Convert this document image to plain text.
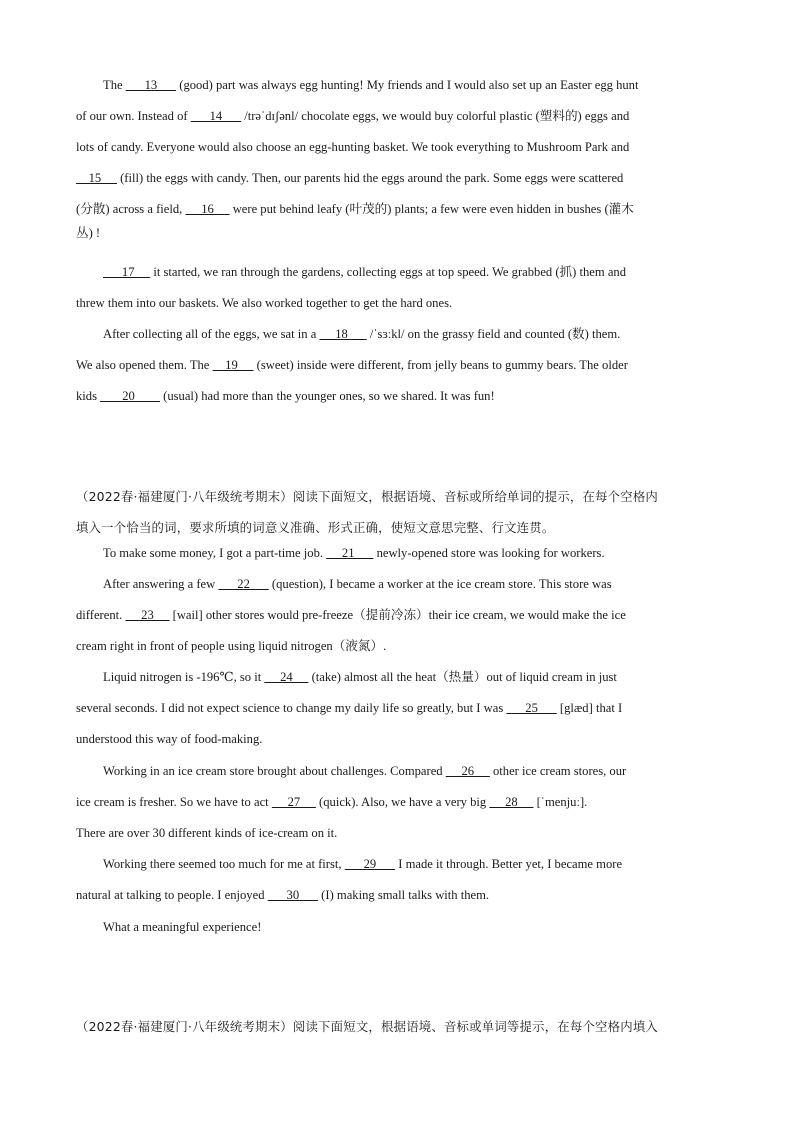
The       13       (good) part was always egg hunting! My friends and I would also set up an Easter egg hunt
of our own. Instead of       14       /trəˈdɪʃənl/ chocolate eggs, we would buy colorful plastic (塑料的) eggs and
lots of candy. Everyone would also choose an egg-hunting basket. We took everything to Mushroom Park and
15      (fill) the eggs with candy. Then, our parents hid the eggs around the park. Some eggs were scattered
(分散) across a field,      16      were put behind leafy (叶茂的) plants; a few were even hidden in bushes (灌木
丛) !
17      it started, we ran through the gardens, collecting eggs at top speed. We grabbed (抓) them and
threw them into our baskets. We also worked together to get the hard ones.
After collecting all of the eggs, we sat in a      18       /ˈsɜːkl/ on the grassy field and counted (数) them.
We also opened them. The     19      (sweet) inside were different, from jelly beans to gummy bears. The older
kids        20         (usual) had more than the younger ones, so we shared. It was fun!
（2022春·福建厦门·八年级统考期末）阅读下面短文，根据语境、音标或所给单词的提示，在每个空格内
填入一个恰当的词，要求所填的词意义准确、形式正确，使短文意思完整、行文连贯。
To make some money, I got a part-time job.      21       newly-opened store was looking for workers.
After answering a few       22       (question), I became a worker at the ice cream store. This store was
different.      23      [wail] other stores would pre-freeze（提前冷冻）their ice cream, we would make the ice
cream right in front of people using liquid nitrogen（液氮）.
Liquid nitrogen is -196℃, so it      24      (take) almost all the heat（热量）out of liquid cream in just
several seconds. I did not expect science to change my daily life so greatly, but I was       25       [glæd] that I
understood this way of food-making.
Working in an ice cream store brought about challenges. Compared      26      other ice cream stores, our
ice cream is fresher. So we have to act      27      (quick). Also, we have a very big      28      [ˈmenjuː].
There are over 30 different kinds of ice-cream on it.
Working there seemed too much for me at first,       29       I made it through. Better yet, I became more
natural at talking to people. I enjoyed       30       (I) making small talks with them.
What a meaningful experience!
（2022春·福建厦门·八年级统考期末）阅读下面短文，根据语境、音标或单词等提示，在每个空格内填入
